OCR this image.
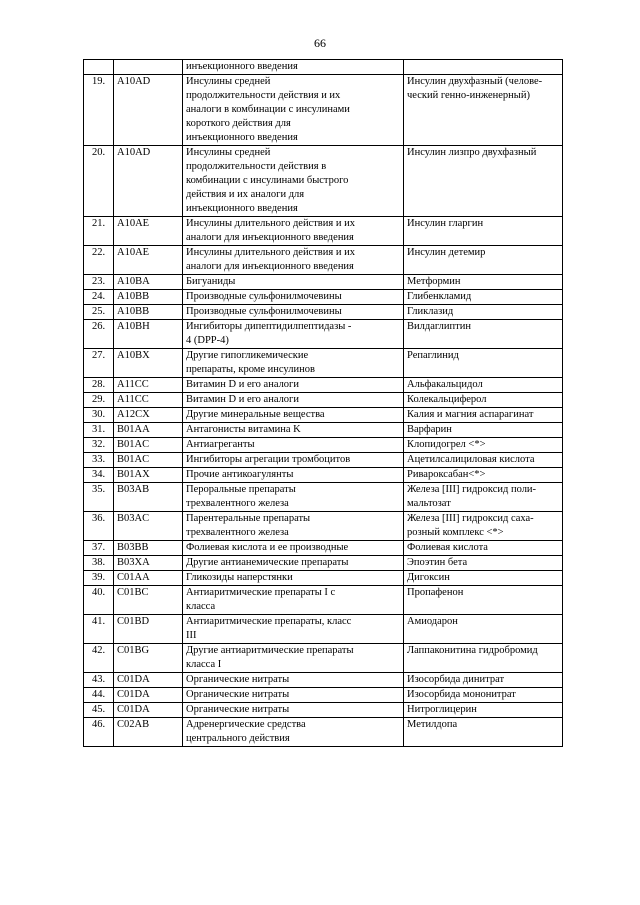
66

		инъекционного введения	

19.	A10AD	Инсулины средней
продолжительности действия и их
аналоги в комбинации с инсулинами
короткого действия для
инъекционного введения	Инсулин двухфазный (челове-
ческий генно-инженерный)

20.	A10AD	Инсулины средней
продолжительности действия в
комбинации с инсулинами быстрого
действия и их аналоги для
инъекционного введения	Инсулин лизпро двухфазный

21.	A10AE	Инсулины длительного действия и их
аналоги для инъекционного введения	Инсулин гларгин

22.	A10AE	Инсулины длительного действия и их
аналоги для инъекционного введения	Инсулин детемир

23.	A10BA	Бигуаниды	Метформин

24.	A10BB	Производные сульфонилмочевины	Глибенкламид

25.	A10BB	Производные сульфонилмочевины	Гликлазид

26.	A10BH	Ингибиторы дипептидилпептидазы -
4 (DPP-4)	Вилдаглиптин

27.	A10BX	Другие гипогликемические
препараты, кроме инсулинов	Репаглинид

28.	A11CC	Витамин D и его аналоги	Альфакальцидол

29.	A11CC	Витамин D и его аналоги	Колекальциферол

30.	A12CX	Другие минеральные вещества	Калия и магния аспарагинат

31.	B01AA	Антагонисты витамина K	Варфарин

32.	B01AC	Антиагреганты	Клопидогрел <*>

33.	B01AC	Ингибиторы агрегации тромбоцитов	Ацетилсалициловая кислота

34.	B01AX	Прочие антикоагулянты	Ривароксабан<*>

35.	B03AB	Пероральные препараты
трехвалентного железа	Железа [III] гидроксид поли-
мальтозат

36.	B03AC	Парентеральные препараты
трехвалентного железа	Железа [III] гидроксид саха-
розный комплекс <*>

37.	B03BB	Фолиевая кислота и ее производные	Фолиевая кислота

38.	B03XA	Другие антианемические препараты	Эпоэтин бета

39.	C01AA	Гликозиды наперстянки	Дигоксин

40.	C01BC	Антиаритмические препараты I с
класса	Пропафенон

41.	C01BD	Антиаритмические препараты, класс
III	Амиодарон

42.	C01BG	Другие антиаритмические препараты
класса I	Лаппаконитина гидробромид

43.	C01DA	Органические нитраты	Изосорбида динитрат

44.	C01DA	Органические нитраты	Изосорбида мононитрат

45.	C01DA	Органические нитраты	Нитроглицерин

46.	C02AB	Адренергические средства
центрального действия	Метилдопа
